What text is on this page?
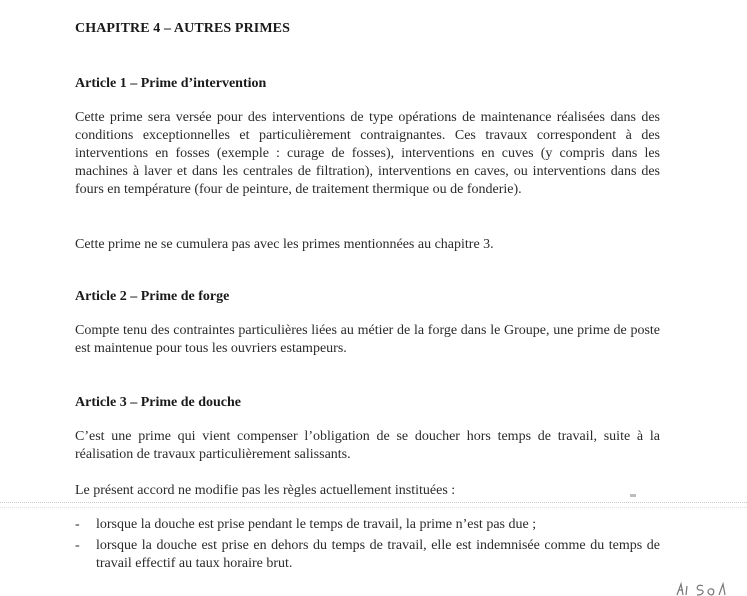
CHAPITRE 4 – AUTRES PRIMES
Article 1 – Prime d’intervention

Cette prime sera versée pour des interventions de type opérations de maintenance réalisées dans des conditions exceptionnelles et particulièrement contraignantes. Ces travaux correspondent à des interventions en fosses (exemple : curage de fosses), interventions en cuves (y compris dans les machines à laver et dans les centrales de filtration), interventions en caves, ou interventions dans des fours en température (four de peinture, de traitement thermique ou de fonderie).

Cette prime ne se cumulera pas avec les primes mentionnées au chapitre 3.

Article 2 – Prime de forge

Compte tenu des contraintes particulières liées au métier de la forge dans le Groupe, une prime de poste est maintenue pour tous les ouvriers estampeurs.

Article 3 – Prime de douche

C’est une prime qui vient compenser l’obligation de se doucher hors temps de travail, suite à la réalisation de travaux particulièrement salissants.

Le présent accord ne modifie pas les règles actuellement instituées :

- lorsque la douche est prise pendant le temps de travail, la prime n’est pas due ;
- lorsque la douche est prise en dehors du temps de travail, elle est indemnisée comme du temps de travail effectif au taux horaire brut.
